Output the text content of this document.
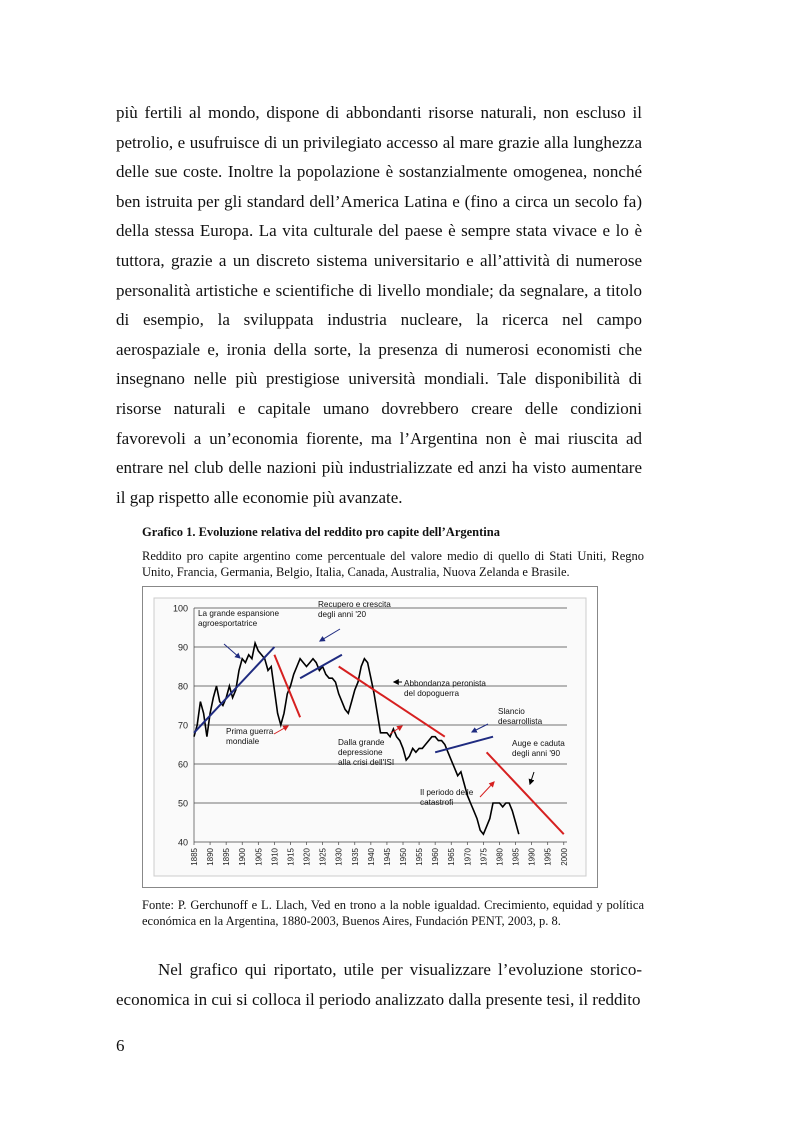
più fertili al mondo, dispone di abbondanti risorse naturali, non escluso il petrolio, e usufruisce di un privilegiato accesso al mare grazie alla lunghezza delle sue coste. Inoltre la popolazione è sostanzialmente omogenea, nonché ben istruita per gli standard dell’America Latina e (fino a circa un secolo fa) della stessa Europa. La vita culturale del paese è sempre stata vivace e lo è tuttora, grazie a un discreto sistema universitario e all’attività di numerose personalità artistiche e scientifiche di livello mondiale; da segnalare, a titolo di esempio, la sviluppata industria nucleare, la ricerca nel campo aerospaziale e, ironia della sorte, la presenza di numerosi economisti che insegnano nelle più prestigiose università mondiali. Tale disponibilità di risorse naturali e capitale umano dovrebbero creare delle condizioni favorevoli a un’economia fiorente, ma l’Argentina non è mai riuscita ad entrare nel club delle nazioni più industrializzate ed anzi ha visto aumentare il gap rispetto alle economie più avanzate.

Grafico 1. Evoluzione relativa del reddito pro capite dell’Argentina

Reddito pro capite argentino come percentuale del valore medio di quello di Stati Uniti, Regno Unito, Francia, Germania, Belgio, Italia, Canada, Australia, Nuova Zelanda e Brasile.

40
50
60
70
80
90
100
1885 1890 1895 1900 1905 1910 1915 1920 1925 1930 1935 1940 1945 1950 1955 1960 1965 1970 1975 1980 1985 1990 1995 2000
La grande espansione agroesportatrice
Recupero e crescita degli anni '20
Abbondanza peronista del dopoguerra
Prima guerra mondiale	Dalla grande depressione alla crisi dell'ISI
Slancio desarrollista
Auge e caduta degli anni '90
Il periodo delle catastrofi

Fonte: P. Gerchunoff e L. Llach, Ved en trono a la noble igualdad. Crecimiento, equidad y política económica en la Argentina, 1880-2003, Buenos Aires, Fundación PENT, 2003, p. 8.

Nel grafico qui riportato, utile per visualizzare l’evoluzione storico-economica in cui si colloca il periodo analizzato dalla presente tesi, il reddito

6
